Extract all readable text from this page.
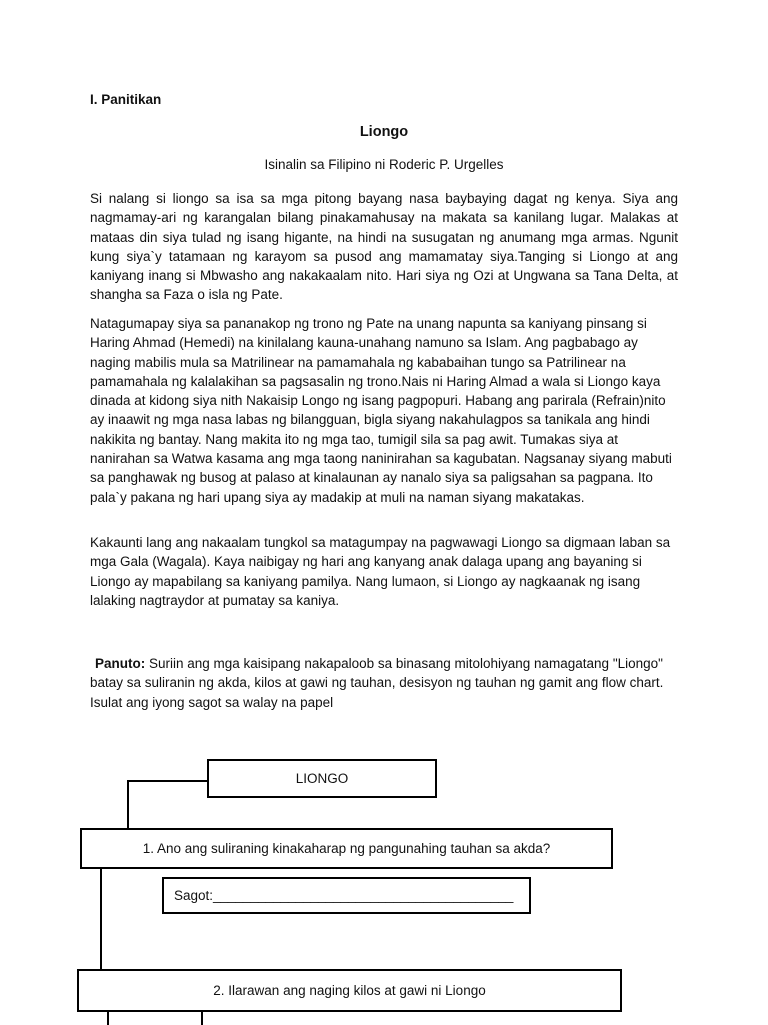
I. Panitikan
Liongo
Isinalin sa Filipino ni Roderic P. Urgelles

Si nalang si liongo sa isa sa mga pitong bayang nasa baybaying dagat ng kenya. Siya ang nagmamay-ari ng karangalan bilang pinakamahusay na makata sa kanilang lugar. Malakas at mataas din siya tulad ng isang higante, na hindi na susugatan ng anumang mga armas. Ngunit kung siya`y tatamaan ng karayom sa pusod ang mamamatay siya.Tanging si Liongo at ang kaniyang inang si Mbwasho ang nakakaalam nito. Hari siya ng Ozi at Ungwana sa Tana Delta, at shangha sa Faza o isla ng Pate.

Natagumapay siya sa pananakop ng trono ng Pate na unang napunta sa kaniyang pinsang si Haring Ahmad (Hemedi) na kinilalang kauna-unahang namuno sa Islam. Ang pagbabago ay naging mabilis mula sa Matrilinear na pamamahala ng kababaihan tungo sa Patrilinear na pamamahala ng kalalakihan sa pagsasalin ng trono.Nais ni Haring Almad a wala si Liongo kaya dinada at kidong siya nith Nakaisip Longo ng isang pagpopuri. Habang ang parirala (Refrain)nito ay inaawit ng mga nasa labas ng bilangguan, bigla siyang nakahulagpos sa tanikala ang hindi nakikita ng bantay. Nang makita ito ng mga tao, tumigil sila sa pag awit. Tumakas siya at nanirahan sa Watwa kasama ang mga taong naninirahan sa kagubatan. Nagsanay siyang mabuti sa panghawak ng busog at palaso at kinalaunan ay nanalo siya sa paligsahan sa pagpana. Ito pala`y pakana ng hari upang siya ay madakip at muli na naman siyang makatakas.

Kakaunti lang ang nakaalam tungkol sa matagumpay na pagwawagi Liongo sa digmaan laban sa mga Gala (Wagala). Kaya naibigay ng hari ang kanyang anak dalaga upang ang bayaning si Liongo ay mapabilang sa kaniyang pamilya. Nang lumaon, si Liongo ay nagkaanak ng isang lalaking nagtraydor at pumatay sa kaniya.

Panuto: Suriin ang mga kaisipang nakapaloob sa binasang mitolohiyang namagatang "Liongo" batay sa suliranin ng akda, kilos at gawi ng tauhan, desisyon ng tauhan ng gamit ang flow chart. Isulat ang iyong sagot sa walay na papel

LIONGO
1. Ano ang suliraning kinakaharap ng pangunahing tauhan sa akda?
Sagot:________________________________________
2. Ilarawan ang naging kilos at gawi ni Liongo
